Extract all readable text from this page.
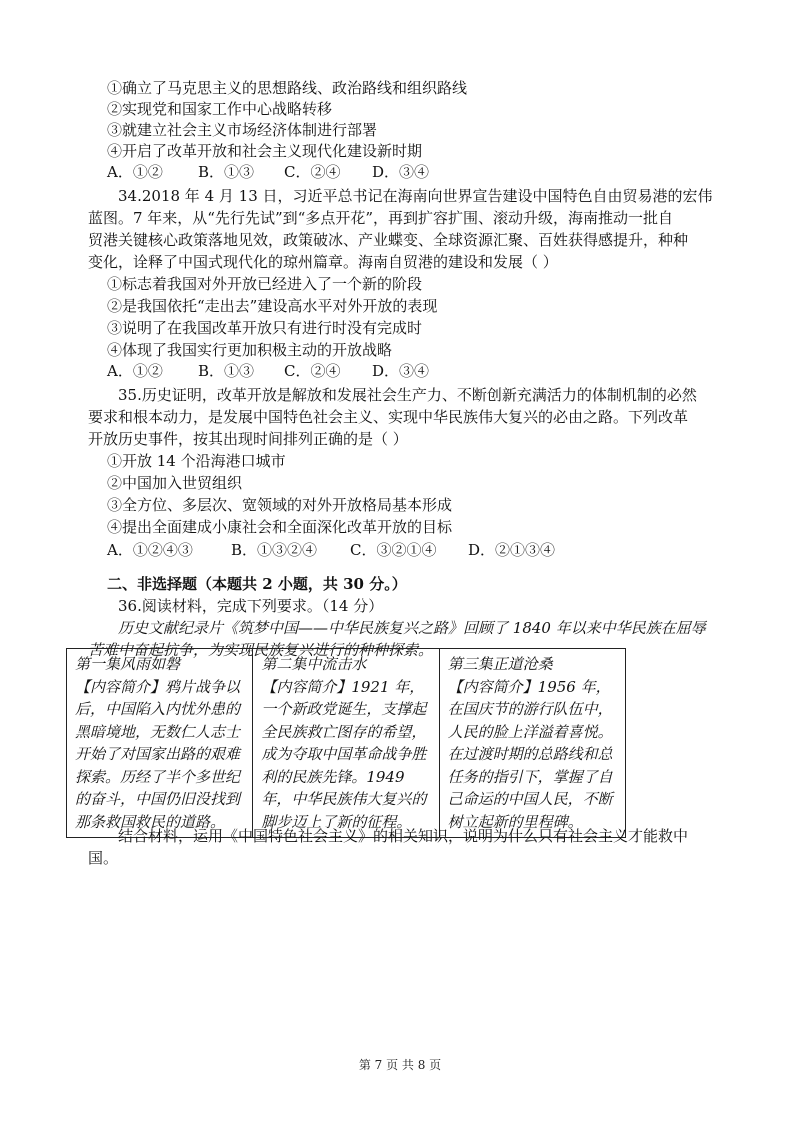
①确立了马克思主义的思想路线、政治路线和组织路线
②实现党和国家工作中心战略转移
③就建立社会主义市场经济体制进行部署
④开启了改革开放和社会主义现代化建设新时期
A．①② B．①③ C．②④ D．③④
34.2018 年 4 月 13 日，习近平总书记在海南向世界宣告建设中国特色自由贸易港的宏伟
蓝图。7 年来，从“先行先试”到“多点开花”，再到扩容扩围、滚动升级，海南推动一批自
贸港关键核心政策落地见效，政策破冰、产业蝶变、全球资源汇聚、百姓获得感提升，种种
变化，诠释了中国式现代化的琼州篇章。海南自贸港的建设和发展（ ）
①标志着我国对外开放已经进入了一个新的阶段
②是我国依托“走出去”建设高水平对外开放的表现
③说明了在我国改革开放只有进行时没有完成时
④体现了我国实行更加积极主动的开放战略
A．①② B．①③ C．②④ D．③④
35.历史证明，改革开放是解放和发展社会生产力、不断创新充满活力的体制机制的必然
要求和根本动力，是发展中国特色社会主义、实现中华民族伟大复兴的必由之路。下列改革
开放历史事件，按其出现时间排列正确的是（ ）
①开放 14 个沿海港口城市
②中国加入世贸组织
③全方位、多层次、宽领域的对外开放格局基本形成
④提出全面建成小康社会和全面深化改革开放的目标
A．①②④③	B．①③②④ C．③②①④ D．②①③④
二、非选择题（本题共 2 小题，共 30 分。）
36.阅读材料，完成下列要求。（14 分）
历史文献纪录片《筑梦中国——中华民族复兴之路》回顾了 1840 年以来中华民族在屈辱
苦难中奋起抗争，为实现民族复兴进行的种种探索。
第一集风雨如磐
【内容简介】鸦片战争以后，中国陷入内忧外患的黑暗境地，无数仁人志士开始了对国家出路的艰难探索。历经了半个多世纪的奋斗，中国仍旧没找到那条救国救民的道路。

第二集中流击水
【内容简介】1921 年，一个新政党诞生，支撑起全民族救亡图存的希望，成为夺取中国革命战争胜利的民族先锋。1949 年，中华民族伟大复兴的脚步迈上了新的征程。

第三集正道沧桑
【内容简介】1956 年，在国庆节的游行队伍中，人民的脸上洋溢着喜悦。在过渡时期的总路线和总任务的指引下，掌握了自己命运的中国人民，不断树立起新的里程碑。
结合材料，运用《中国特色社会主义》的相关知识，说明为什么只有社会主义才能救中
国。
第 7 页 共 8 页
